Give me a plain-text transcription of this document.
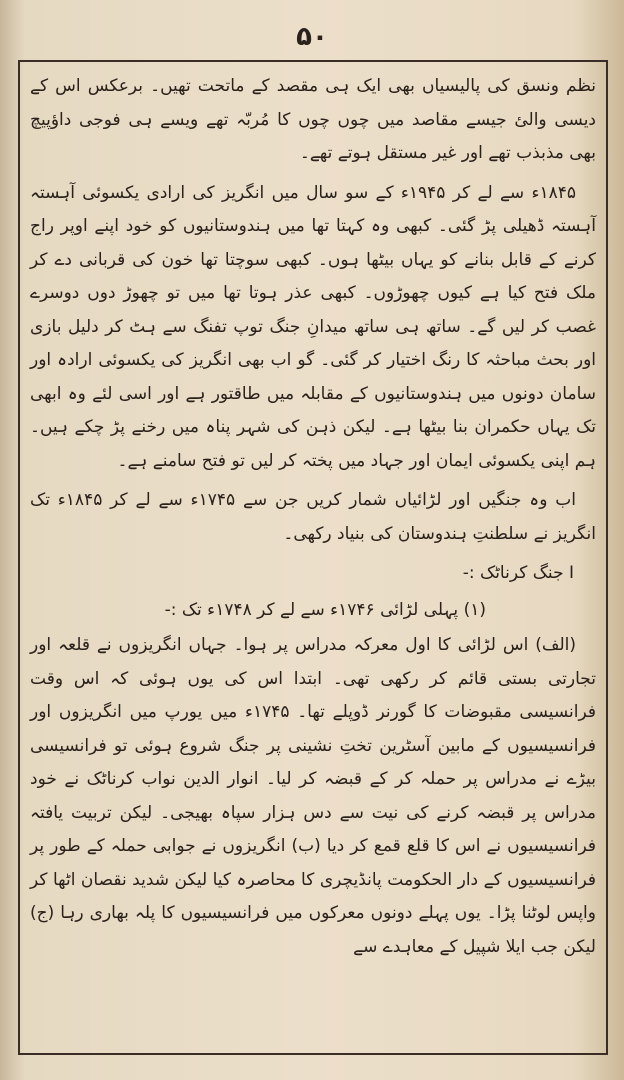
۵۰

نظم ونسق کی پالیسیاں بھی ایک ہی مقصد کے ماتحت تھیں۔ برعکس اس کے دیسی والئ جیسے مقاصد میں چوں چوں کا مُربّہ تھے ویسے ہی فوجی داؤپیچ بھی مذبذب تھے اور غیر مستقل ہوتے تھے۔

۱۸۴۵ء سے لے کر ۱۹۴۵ء کے سو سال میں انگریز کی ارادی یکسوئی آہستہ آہستہ ڈھیلی پڑ گئی۔ کبھی وہ کہتا تھا میں ہندوستانیوں کو خود اپنے اوپر راج کرنے کے قابل بنانے کو یہاں بیٹھا ہوں۔ کبھی سوچتا تھا خون کی قربانی دے کر ملک فتح کیا ہے کیوں چھوڑوں۔ کبھی عذر ہوتا تھا میں تو چھوڑ دوں دوسرے غصب کر لیں گے۔ ساتھ ہی ساتھ میدانِ جنگ توپ تفنگ سے ہٹ کر دلیل بازی اور بحث مباحثہ کا رنگ اختیار کر گئی۔ گو اب بھی انگریز کی یکسوئی ارادہ اور سامان دونوں میں ہندوستانیوں کے مقابلہ میں طاقتور ہے اور اسی لئے وہ ابھی تک یہاں حکمران بنا بیٹھا ہے۔ لیکن ذہن کی شہر پناہ میں رخنے پڑ چکے ہیں۔ ہم اپنی یکسوئی ایمان اور جہاد میں پختہ کر لیں تو فتح سامنے ہے۔

اب وہ جنگیں اور لڑائیاں شمار کریں جن سے ۱۷۴۵ء سے لے کر ۱۸۴۵ء تک انگریز نے سلطنتِ ہندوستان کی بنیاد رکھی۔

I جنگ کرناٹک :-

(۱) پہلی لڑائی ۱۷۴۶ء سے لے کر ۱۷۴۸ء تک :-

(الف) اس لڑائی کا اول معرکہ مدراس پر ہوا۔ جہاں انگریزوں نے قلعہ اور تجارتی بستی قائم کر رکھی تھی۔ ابتدا اس کی یوں ہوئی کہ اس وقت فرانسیسی مقبوضات کا گورنر ڈوپلے تھا۔ ۱۷۴۵ء میں یورپ میں انگریزوں اور فرانسیسیوں کے مابین آسٹرین تختِ نشینی پر جنگ شروع ہوئی تو فرانسیسی بیڑے نے مدراس پر حملہ کر کے قبضہ کر لیا۔ انوار الدین نواب کرناٹک نے خود مدراس پر قبضہ کرنے کی نیت سے دس ہزار سپاہ بھیجی۔ لیکن تربیت یافتہ فرانسیسیوں نے اس کا قلع قمع کر دیا (ب) انگریزوں نے جوابی حملہ کے طور پر فرانسیسیوں کے دار الحکومت پانڈیچری کا محاصرہ کیا لیکن شدید نقصان اٹھا کر واپس لوٹنا پڑا۔ یوں پہلے دونوں معرکوں میں فرانسیسیوں کا پلہ بھاری رہا (ج) لیکن جب ایلا شپیل کے معاہدے سے
